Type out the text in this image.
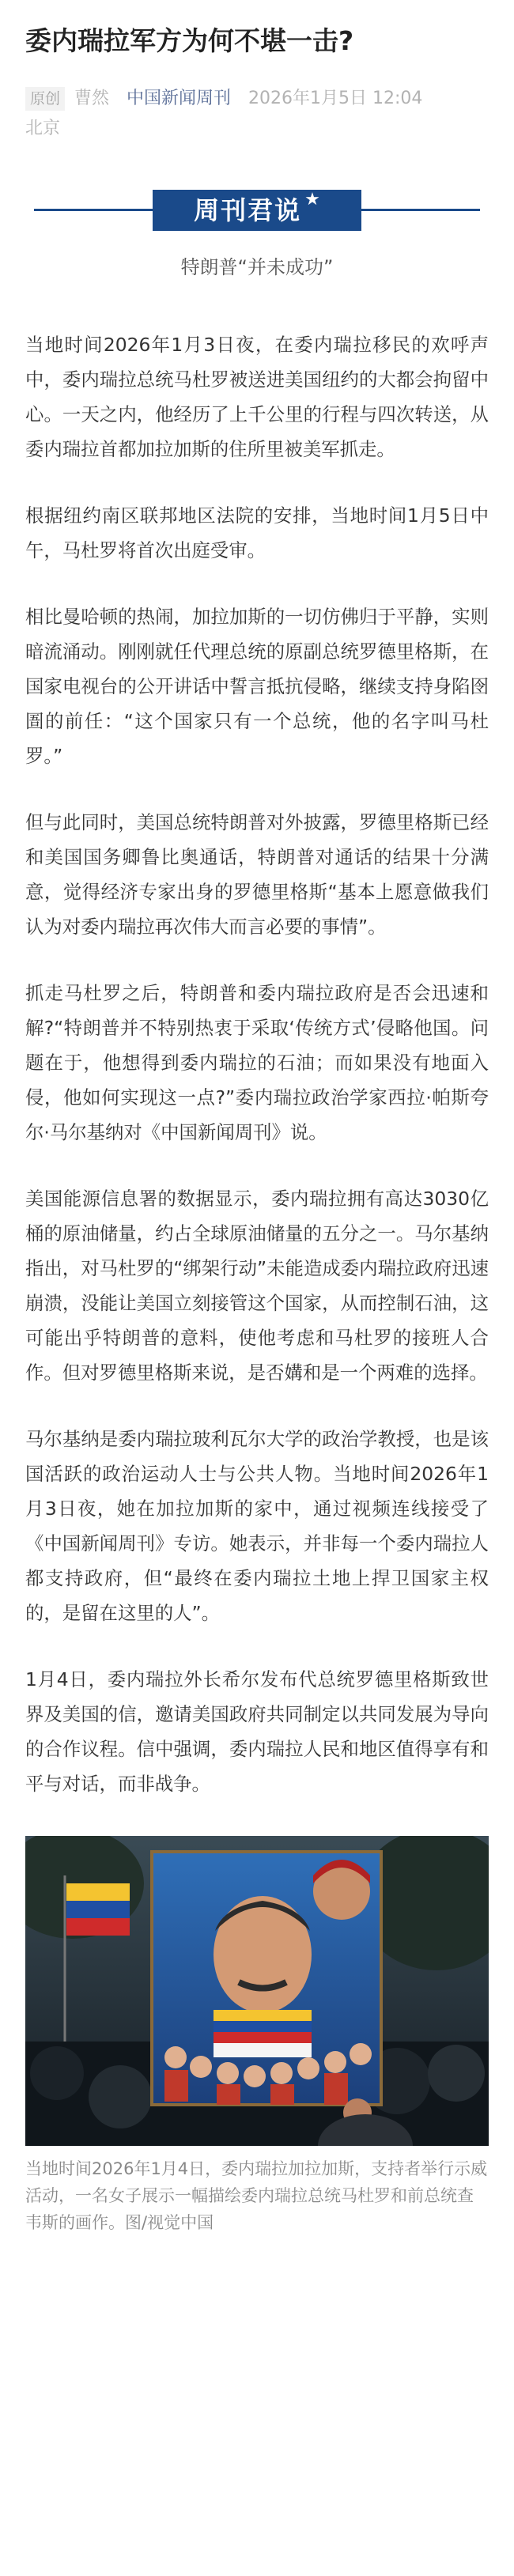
委内瑞拉军方为何不堪一击?
原创 曹然 中国新闻周刊 2026年1月5日 12:04
北京
周刊君说 ★
特朗普“并未成功”

当地时间2026年1月3日夜，在委内瑞拉移民的欢呼声中，委内瑞拉总统马杜罗被送进美国纽约的大都会拘留中心。一天之内，他经历了上千公里的行程与四次转送，从委内瑞拉首都加拉加斯的住所里被美军抓走。

根据纽约南区联邦地区法院的安排，当地时间1月5日中午，马杜罗将首次出庭受审。

相比曼哈顿的热闹，加拉加斯的一切仿佛归于平静，实则暗流涌动。刚刚就任代理总统的原副总统罗德里格斯，在国家电视台的公开讲话中誓言抵抗侵略，继续支持身陷囹圄的前任：“这个国家只有一个总统，他的名字叫马杜罗。”

但与此同时，美国总统特朗普对外披露，罗德里格斯已经和美国国务卿鲁比奥通话，特朗普对通话的结果十分满意，觉得经济专家出身的罗德里格斯“基本上愿意做我们认为对委内瑞拉再次伟大而言必要的事情”。

抓走马杜罗之后，特朗普和委内瑞拉政府是否会迅速和解?“特朗普并不特别热衷于采取‘传统方式’侵略他国。问题在于，他想得到委内瑞拉的石油；而如果没有地面入侵，他如何实现这一点?”委内瑞拉政治学家西拉·帕斯夸尔·马尔基纳对《中国新闻周刊》说。

美国能源信息署的数据显示，委内瑞拉拥有高达3030亿桶的原油储量，约占全球原油储量的五分之一。马尔基纳指出，对马杜罗的“绑架行动”未能造成委内瑞拉政府迅速崩溃，没能让美国立刻接管这个国家，从而控制石油，这可能出乎特朗普的意料，使他考虑和马杜罗的接班人合作。但对罗德里格斯来说，是否媾和是一个两难的选择。

马尔基纳是委内瑞拉玻利瓦尔大学的政治学教授，也是该国活跃的政治运动人士与公共人物。当地时间2026年1月3日夜，她在加拉加斯的家中，通过视频连线接受了《中国新闻周刊》专访。她表示，并非每一个委内瑞拉人都支持政府，但“最终在委内瑞拉土地上捍卫国家主权的，是留在这里的人”。

1月4日，委内瑞拉外长希尔发布代总统罗德里格斯致世界及美国的信，邀请美国政府共同制定以共同发展为导向的合作议程。信中强调，委内瑞拉人民和地区值得享有和平与对话，而非战争。

当地时间2026年1月4日，委内瑞拉加拉加斯，支持者举行示威活动，一名女子展示一幅描绘委内瑞拉总统马杜罗和前总统查韦斯的画作。图/视觉中国
